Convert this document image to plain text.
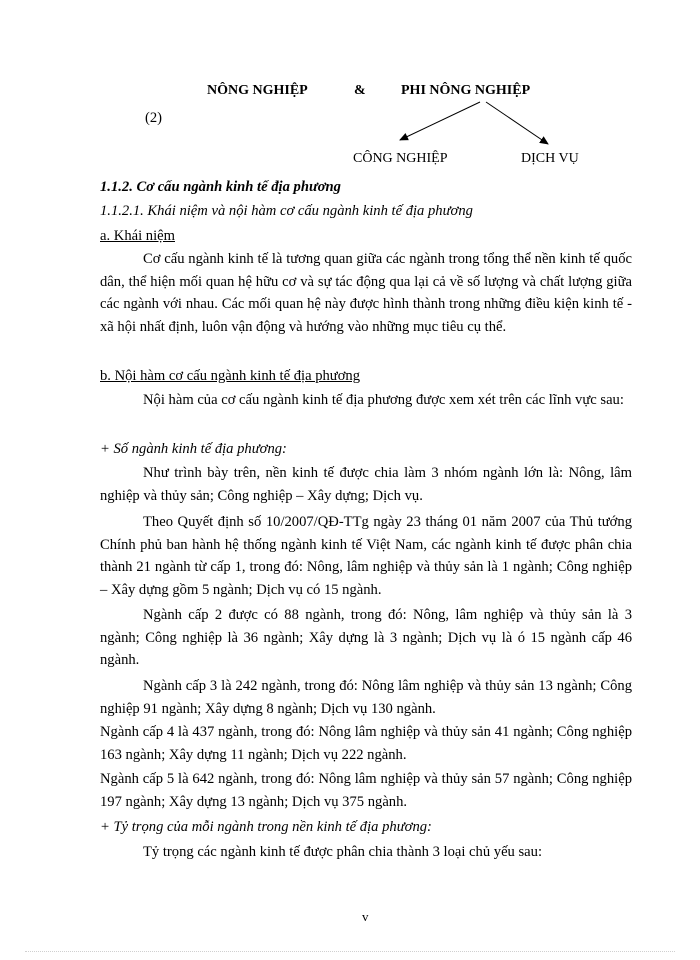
NÔNG NGHIỆP	&	PHI NÔNG NGHIỆP
(2)
CÔNG NGHIỆP	DỊCH VỤ
1.1.2. Cơ cấu ngành kinh tế địa phương
1.1.2.1. Khái niệm và nội hàm cơ cấu ngành kinh tế địa phương
a. Khái niệm
Cơ cấu ngành kinh tế là tương quan giữa các ngành trong tổng thể nền kinh tế quốc dân, thể hiện mối quan hệ hữu cơ và sự tác động qua lại cả về số lượng và chất lượng giữa các ngành với nhau. Các mối quan hệ này được hình thành trong những điều kiện kinh tế - xã hội nhất định, luôn vận động và hướng vào những mục tiêu cụ thể.
b. Nội hàm cơ cấu ngành kinh tế địa phương
Nội hàm của cơ cấu ngành kinh tế địa phương được xem xét trên các lĩnh vực sau:
+ Số ngành kinh tế địa phương:
Như trình bày trên, nền kinh tế được chia làm 3 nhóm ngành lớn là: Nông, lâm nghiệp và thủy sản; Công nghiệp – Xây dựng; Dịch vụ.
Theo Quyết định số 10/2007/QĐ-TTg ngày 23 tháng 01 năm 2007 của Thủ tướng Chính phủ ban hành hệ thống ngành kinh tế Việt Nam, các ngành kinh tế được phân chia thành 21 ngành từ cấp 1, trong đó: Nông, lâm nghiệp và thủy sản là 1 ngành; Công nghiệp – Xây dựng gồm 5 ngành; Dịch vụ có 15 ngành.
Ngành cấp 2 được có 88 ngành, trong đó: Nông, lâm nghiệp và thủy sản là 3 ngành; Công nghiệp là 36 ngành; Xây dựng là 3 ngành; Dịch vụ là ó 15 ngành cấp 46 ngành.
Ngành cấp 3 là 242 ngành, trong đó: Nông lâm nghiệp và thủy sản 13 ngành; Công nghiệp 91 ngành; Xây dựng 8 ngành; Dịch vụ 130 ngành.
Ngành cấp 4 là 437 ngành, trong đó: Nông lâm nghiệp và thủy sản 41 ngành; Công nghiệp 163 ngành; Xây dựng 11 ngành; Dịch vụ 222 ngành.
Ngành cấp 5 là 642 ngành, trong đó: Nông lâm nghiệp và thủy sản 57 ngành; Công nghiệp 197 ngành; Xây dựng 13 ngành; Dịch vụ 375 ngành.
+ Tỷ trọng của mỗi ngành trong nền kinh tế địa phương:
Tỷ trọng các ngành kinh tế được phân chia thành 3 loại chủ yếu sau:
v
